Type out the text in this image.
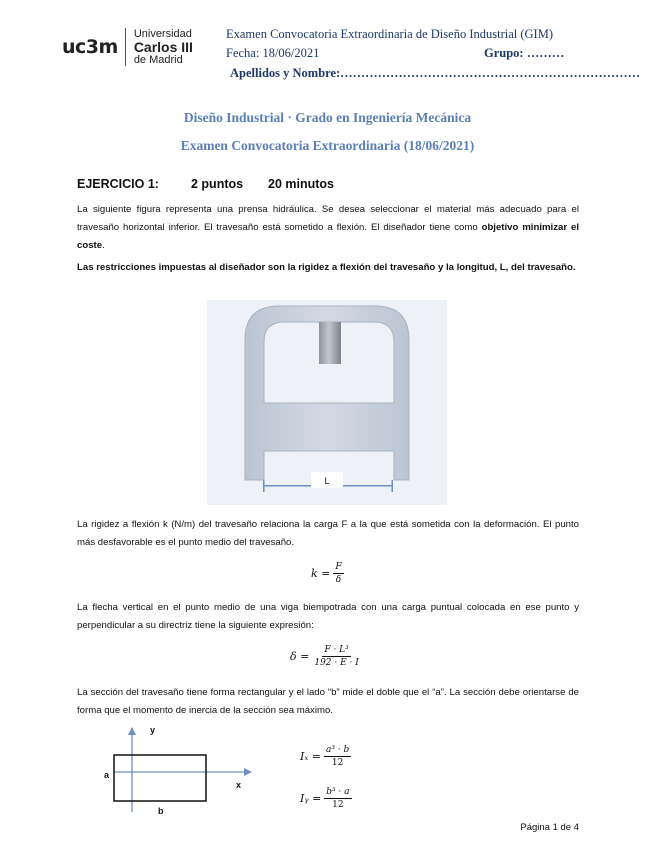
uc3m
Universidad
Carlos III
de Madrid
Examen Convocatoria Extraordinaria de Diseño Industrial (GIM)
Fecha: 18/06/2021	Grupo: ………
Apellidos y Nombre:………………………………………………………………
Diseño Industrial · Grado en Ingeniería Mecánica
Examen Convocatoria Extraordinaria (18/06/2021)
EJERCICIO 1:	2 puntos	20 minutos
La siguiente figura representa una prensa hidráulica. Se desea seleccionar el material más adecuado para el travesaño horizontal inferior. El travesaño está sometido a flexión. El diseñador tiene como objetivo minimizar el coste.
Las restricciones impuestas al diseñador son la rigidez a flexión del travesaño y la longitud, L, del travesaño.
L
La rigidez a flexión k (N/m) del travesaño relaciona la carga F a la que está sometida con la deformación. El punto más desfavorable es el punto medio del travesaño.
$k = \frac{F}{\delta}$
La flecha vertical en el punto medio de una viga biempotrada con una carga puntual colocada en ese punto y perpendicular a su directriz tiene la siguiente expresión:
$\delta = \frac{\text{F · L³}}{192 \cdot E \cdot I}$
La sección del travesaño tiene forma rectangular y el lado “b” mide el doble que el “a”. La sección debe orientarse de forma que el momento de inercia de la sección sea máximo.
y
x
a
b
$I_x = \frac{\text{a³ · b}}{12}$
Iᵧ = $\frac{\text{b³ · a}}{12}$
Página 1 de 4
